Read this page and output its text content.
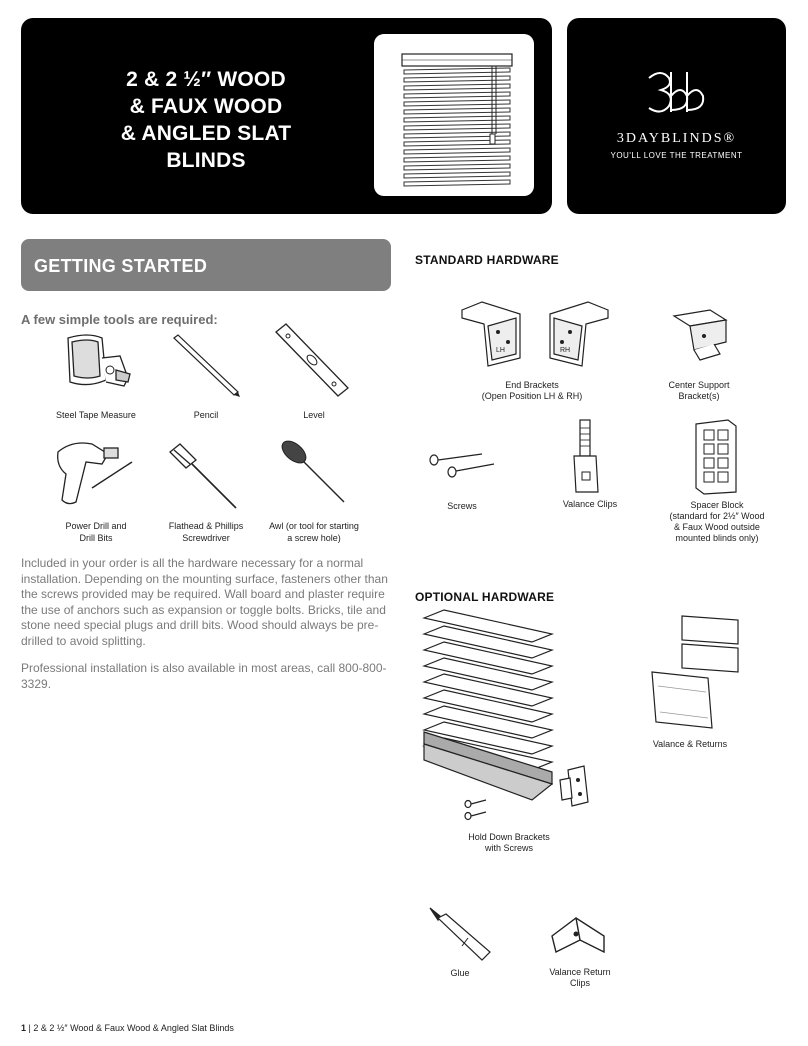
2 & 2 ½″ WOOD
& FAUX WOOD
& ANGLED SLAT
BLINDS
3DAYBLINDS®
YOU'LL LOVE THE TREATMENT
GETTING STARTED
A few simple tools are required:
Steel Tape Measure	Pencil	Level
Power Drill and
Drill Bits
Flathead & Phillips
Screwdriver
Awl (or tool for starting
a screw hole)
Included in your order is all the hardware necessary for a normal installation. Depending on the mounting surface, fasteners other than the screws provided may be required. Wall board and plaster require the use of anchors such as expansion or toggle bolts. Bricks, tile and stone need special plugs and drill bits. Wood should always be pre-drilled to avoid splitting.
Professional installation is also available in most areas, call 800-800-3329.
STANDARD HARDWARE
LH	RH
End Brackets
(Open Position LH & RH)
Center Support
Bracket(s)
Screws	Valance Clips	Spacer Block
(standard for 2½″ Wood
& Faux Wood outside
mounted blinds only)
OPTIONAL HARDWARE
Hold Down Brackets
with Screws
Valance & Returns
Glue	Valance Return
Clips
1 | 2 & 2 ½″ Wood & Faux Wood & Angled Slat Blinds
